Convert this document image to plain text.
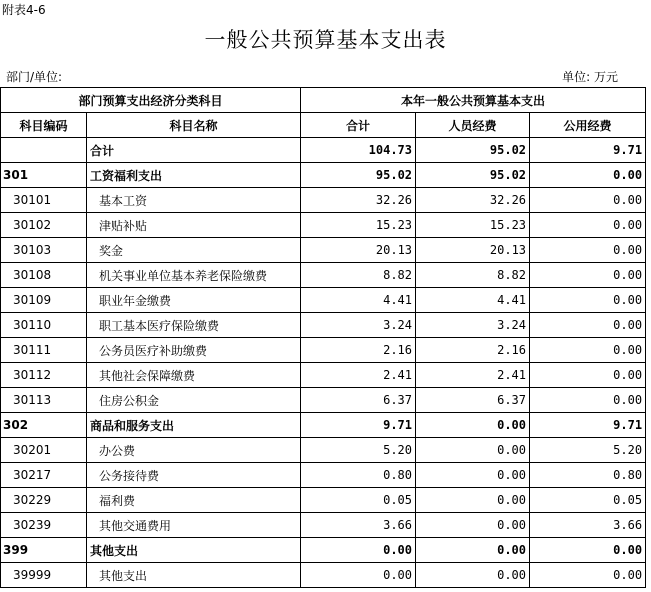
附表4-6
一般公共预算基本支出表
部门/单位:	单位: 万元
部门预算支出经济分类科目		本年一般公共预算基本支出		
科目编码	科目名称	合计	人员经费	公用经费
	合计	104.73	95.02	9.71
301	工资福利支出	95.02	95.02	0.00
30101	基本工资	32.26	32.26	0.00
30102	津贴补贴	15.23	15.23	0.00
30103	奖金	20.13	20.13	0.00
30108	机关事业单位基本养老保险缴费	8.82	8.82	0.00
30109	职业年金缴费	4.41	4.41	0.00
30110	职工基本医疗保险缴费	3.24	3.24	0.00
30111	公务员医疗补助缴费	2.16	2.16	0.00
30112	其他社会保障缴费	2.41	2.41	0.00
30113	住房公积金	6.37	6.37	0.00
302	商品和服务支出	9.71	0.00	9.71
30201	办公费	5.20	0.00	5.20
30217	公务接待费	0.80	0.00	0.80
30229	福利费	0.05	0.00	0.05
30239	其他交通费用	3.66	0.00	3.66
399	其他支出	0.00	0.00	0.00
39999	其他支出	0.00	0.00	0.00
